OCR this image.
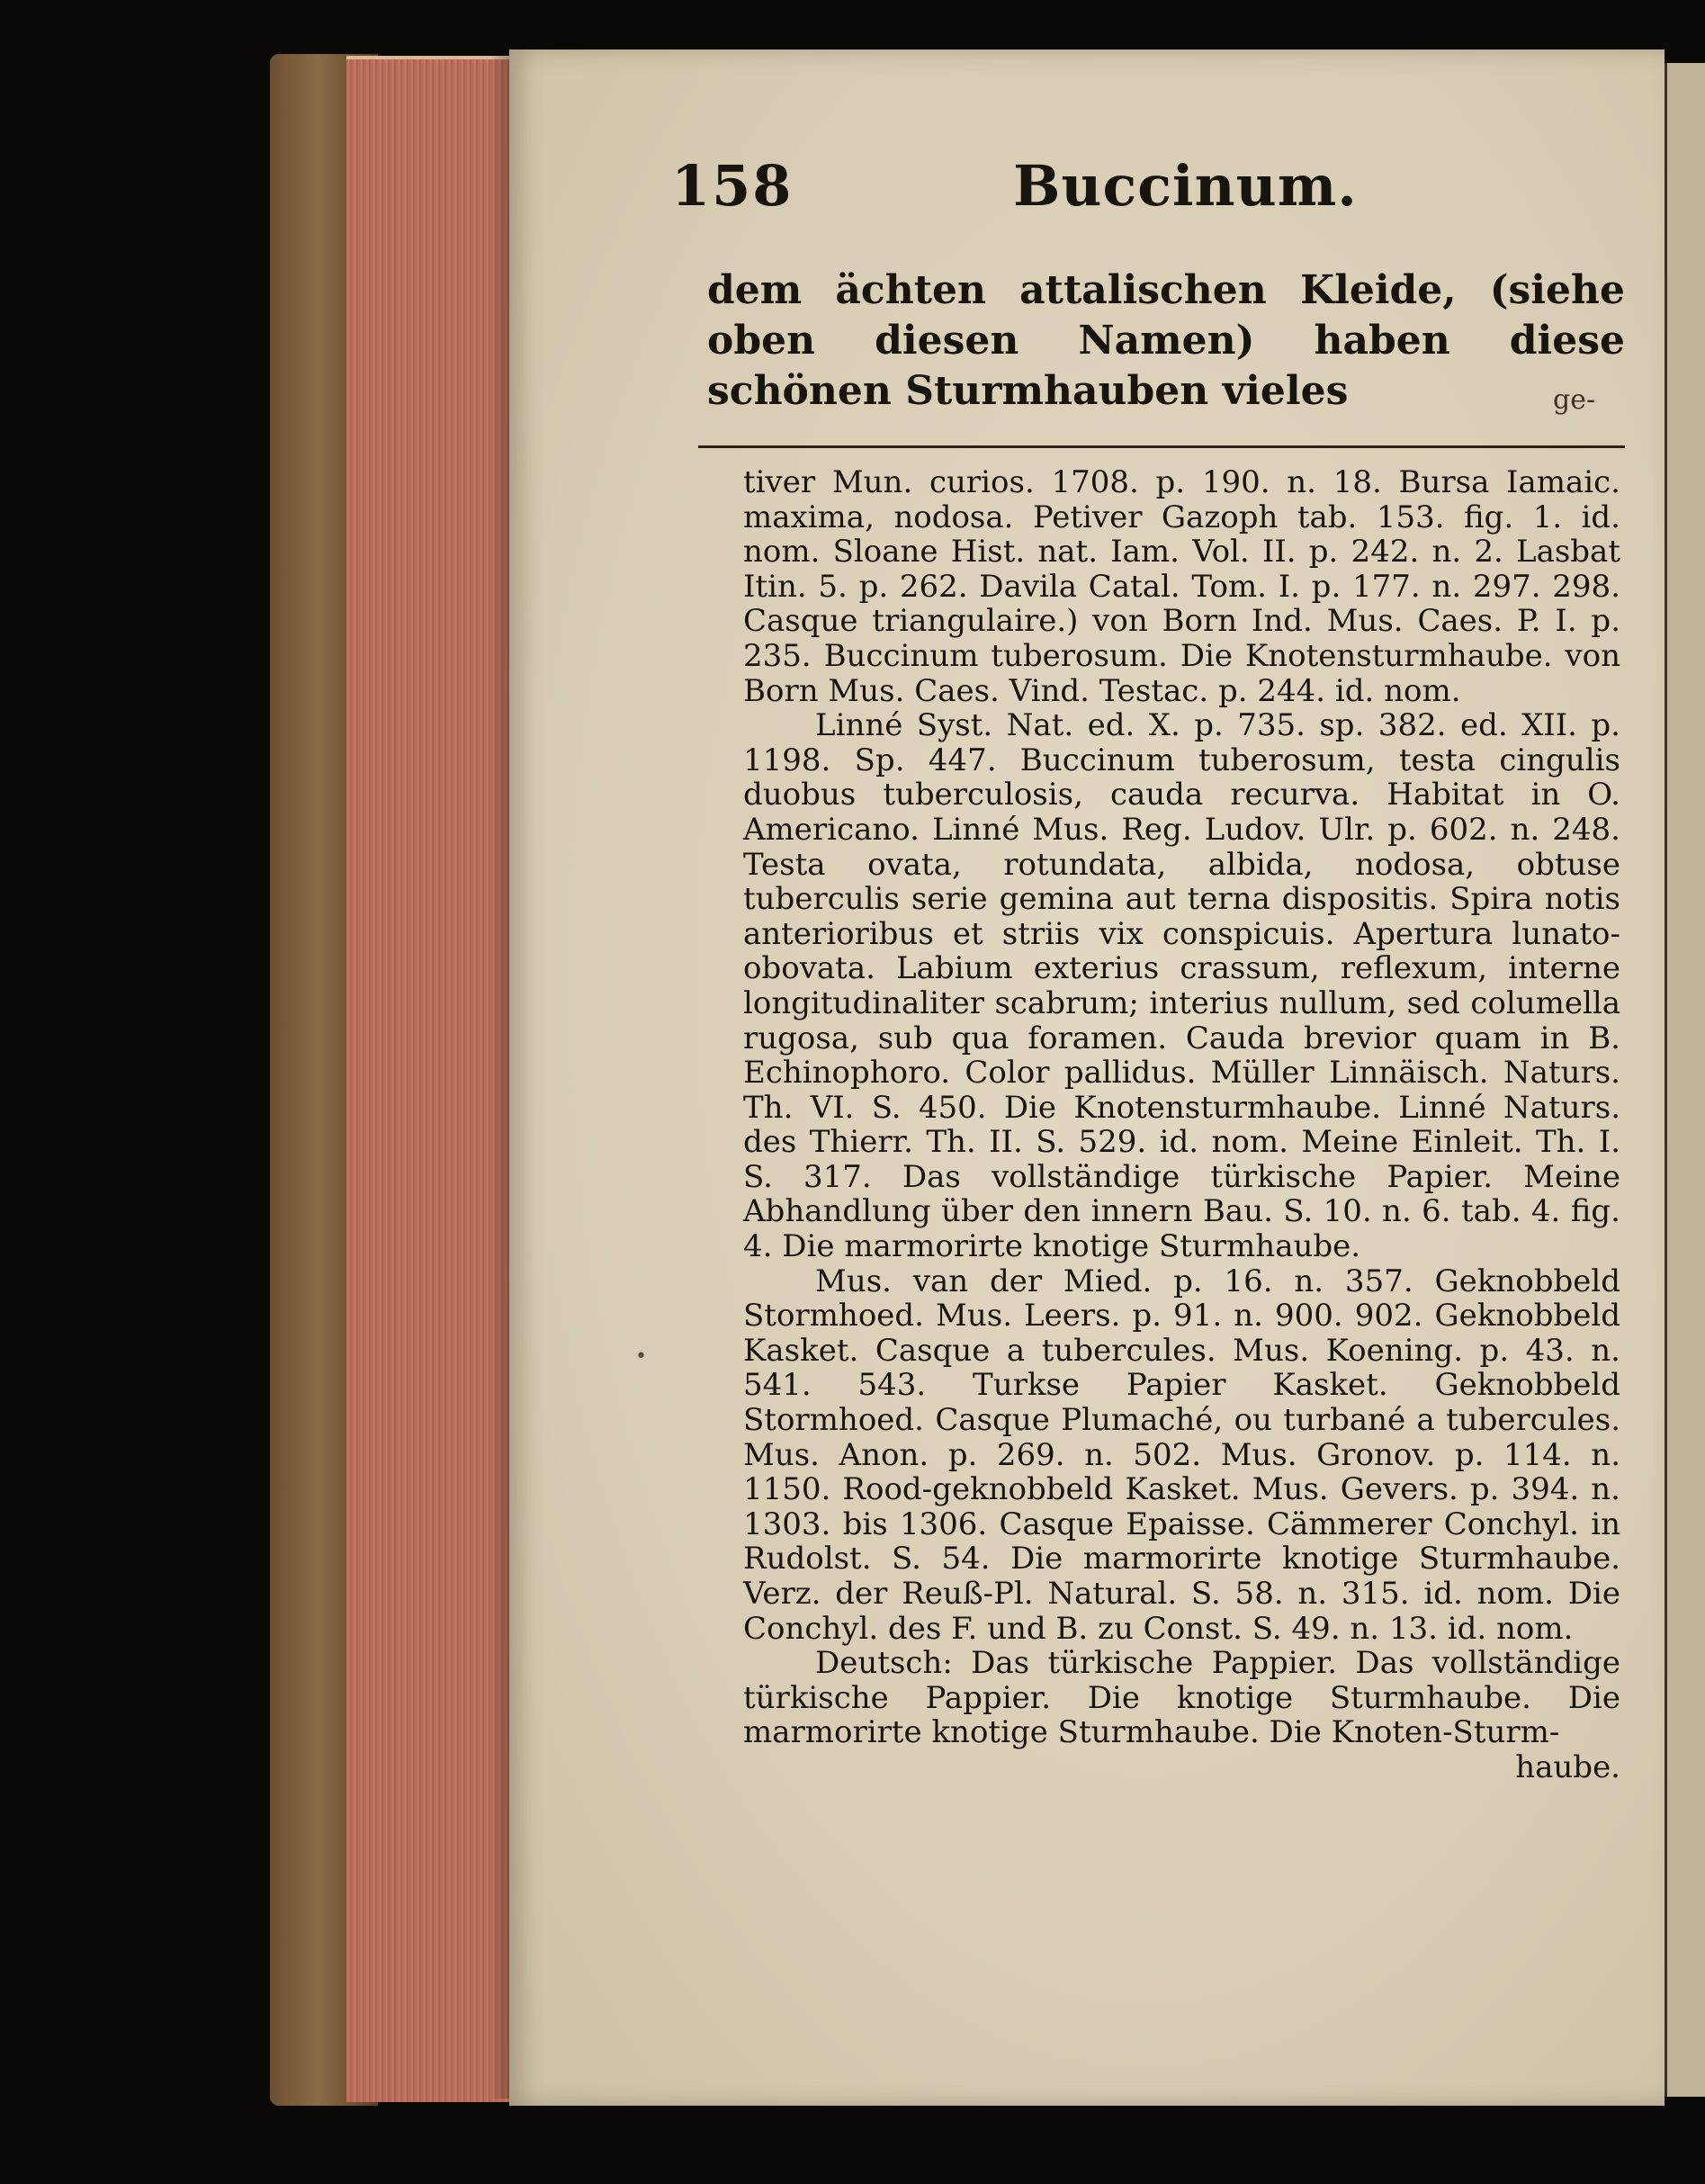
158	Buccinum.
dem ächten attalischen Kleide, (siehe oben diesen Namen) haben diese schönen Sturmhauben vieles	ge-

tiver Mun. curios. 1708. p. 190. n. 18. Bursa Iamaic. maxima, nodosa. Petiver Gazoph tab. 153. fig. 1. id. nom. Sloane Hist. nat. Iam. Vol. II. p. 242. n. 2. Lasbat Itin. 5. p. 262. Davila Catal. Tom. I. p. 177. n. 297. 298. Casque triangulaire.) von Born Ind. Mus. Caes. P. I. p. 235. Buccinum tuberosum. Die Knotensturmhaube. von Born Mus. Caes. Vind. Testac. p. 244. id. nom.

Linné Syst. Nat. ed. X. p. 735. sp. 382. ed. XII. p. 1198. Sp. 447. Buccinum tuberosum, testa cingulis duobus tuberculosis, cauda recurva. Habitat in O. Americano. Linné Mus. Reg. Ludov. Ulr. p. 602. n. 248. Testa ovata, rotundata, albida, nodosa, obtuse tuberculis serie gemina aut terna dispositis. Spira notis anterioribus et striis vix conspicuis. Apertura lunato-obovata. Labium exterius crassum, reflexum, interne longitudinaliter scabrum; interius nullum, sed columella rugosa, sub qua foramen. Cauda brevior quam in B. Echinophoro. Color pallidus. Müller Linnäisch. Naturs. Th. VI. S. 450. Die Knotensturmhaube. Linné Naturs. des Thierr. Th. II. S. 529. id. nom. Meine Einleit. Th. I. S. 317. Das vollständige türkische Papier. Meine Abhandlung über den innern Bau. S. 10. n. 6. tab. 4. fig. 4. Die marmorirte knotige Sturmhaube.

Mus. van der Mied. p. 16. n. 357. Geknobbeld Stormhoed. Mus. Leers. p. 91. n. 900. 902. Geknobbeld Kasket. Casque a tubercules. Mus. Koening. p. 43. n. 541. 543. Turkse Papier Kasket. Geknobbeld Stormhoed. Casque Plumaché, ou turbané a tubercules. Mus. Anon. p. 269. n. 502. Mus. Gronov. p. 114. n. 1150. Rood-geknobbeld Kasket. Mus. Gevers. p. 394. n. 1303. bis 1306. Casque Epaisse. Cämmerer Conchyl. in Rudolst. S. 54. Die marmorirte knotige Sturmhaube. Verz. der Reuß-Pl. Natural. S. 58. n. 315. id. nom. Die Conchyl. des F. und B. zu Const. S. 49. n. 13. id. nom.

Deutsch: Das türkische Pappier. Das vollständige türkische Pappier. Die knotige Sturmhaube. Die marmorirte knotige Sturmhaube. Die Knoten-Sturm-

haube.

•
